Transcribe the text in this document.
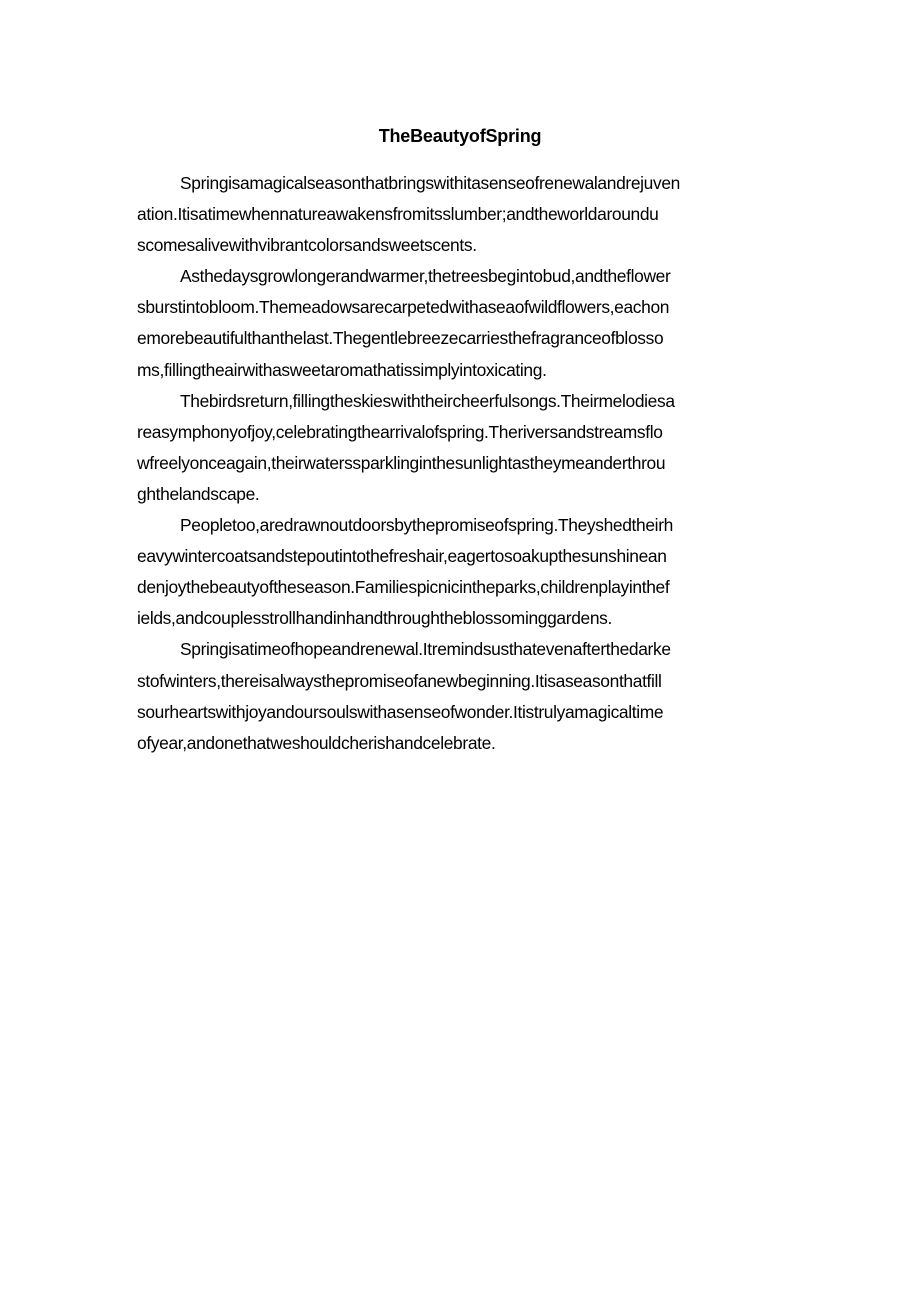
TheBeautyofSpring
Springisamagicalseasonthatbringswithitasenseofrenewalandrejuven
ation.Itisatimewhennatureawakensfromitsslumber;andtheworldaroundu
scomesalivewithvibrantcolorsandsweetscents.
Asthedaysgrowlongerandwarmer,thetreesbegintobud,andtheflower
sburstintobloom.Themeadowsarecarpetedwithaseaofwildflowers,eachon
emorebeautifulthanthelast.Thegentlebreezecarriesthefragranceofblosso
ms,fillingtheairwithasweetaromathatissimplyintoxicating.
Thebirdsreturn,fillingtheskieswiththeircheerfulsongs.Theirmelodiesa
reasymphonyofjoy,celebratingthearrivalofspring.Theriversandstreamsflo
wfreelyonceagain,theirwaterssparklinginthesunlightastheymeanderthrou
ghthelandscape.
Peopletoo,aredrawnoutdoorsbythepromiseofspring.Theyshedtheirh
eavywintercoatsandstepoutintothefreshair,eagertosoakupthesunshinean
denjoythebeautyoftheseason.Familiespicnicintheparks,childrenplayinthef
ields,andcouplesstrollhandinhandthroughtheblossominggardens.
Springisatimeofhopeandrenewal.Itremindsusthatevenafterthedarke
stofwinters,thereisalwaysthepromiseofanewbeginning.Itisaseasonthatfill
sourheartswithjoyandoursoulswithasenseofwonder.Itistrulyamagicaltime
ofyear,andonethatweshouldcherishandcelebrate.
